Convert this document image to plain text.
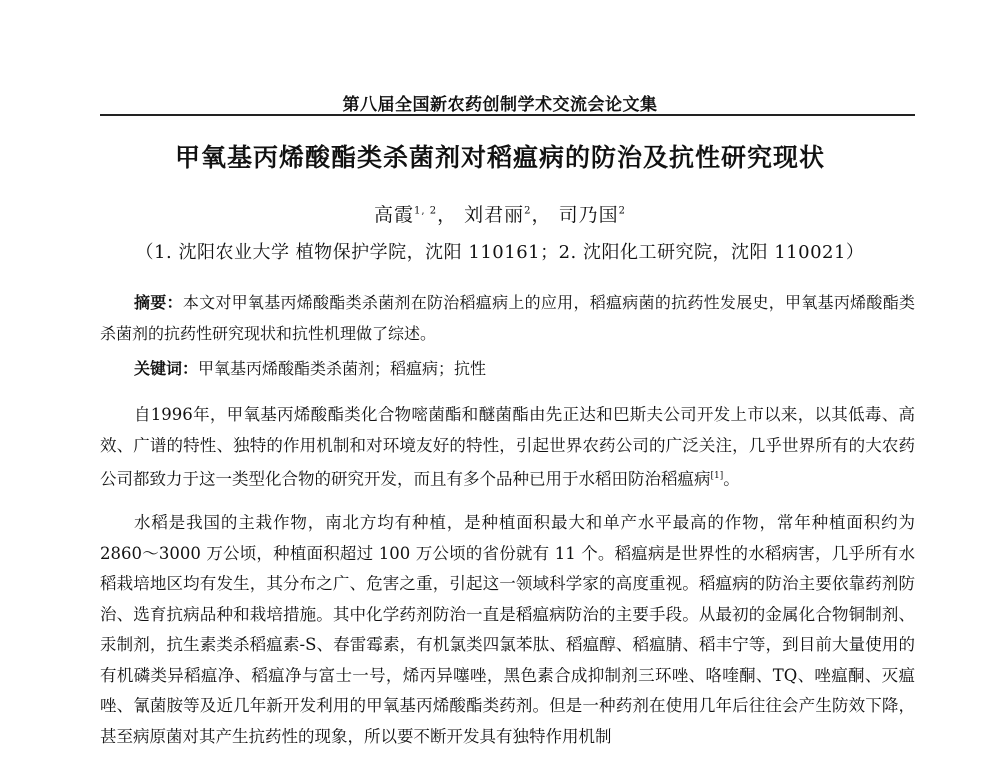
第八届全国新农药创制学术交流会论文集
甲氧基丙烯酸酯类杀菌剂对稻瘟病的防治及抗性研究现状
高霞$^{1, 2}$， 刘君丽$^2$， 司乃国$^2$
（1. 沈阳农业大学 植物保护学院，沈阳 110161；2. 沈阳化工研究院，沈阳 110021）
摘要：本文对甲氧基丙烯酸酯类杀菌剂在防治稻瘟病上的应用，稻瘟病菌的抗药性发展史，甲氧基丙烯酸酯类杀菌剂的抗药性研究现状和抗性机理做了综述。
关键词：甲氧基丙烯酸酯类杀菌剂；稻瘟病；抗性
自1996年，甲氧基丙烯酸酯类化合物嘧菌酯和醚菌酯由先正达和巴斯夫公司开发上市以来，以其低毒、高效、广谱的特性、独特的作用机制和对环境友好的特性，引起世界农药公司的广泛关注，几乎世界所有的大农药公司都致力于这一类型化合物的研究开发，而且有多个品种已用于水稻田防治稻瘟病[1]。
水稻是我国的主栽作物，南北方均有种植，是种植面积最大和单产水平最高的作物，常年种植面积约为 2860～3000 万公顷，种植面积超过 100 万公顷的省份就有 11 个。稻瘟病是世界性的水稻病害，几乎所有水稻栽培地区均有发生，其分布之广、危害之重，引起这一领域科学家的高度重视。稻瘟病的防治主要依靠药剂防治、选育抗病品种和栽培措施。其中化学药剂防治一直是稻瘟病防治的主要手段。从最初的金属化合物铜制剂、汞制剂，抗生素类杀稻瘟素-S、春雷霉素，有机氯类四氯苯肽、稻瘟醇、稻瘟腈、稻丰宁等，到目前大量使用的有机磷类异稻瘟净、稻瘟净与富士一号，烯丙异噻唑，黑色素合成抑制剂三环唑、咯喹酮、TQ、唑瘟酮、灭瘟唑、氰菌胺等及近几年新开发利用的甲氧基丙烯酸酯类药剂。但是一种药剂在使用几年后往往会产生防效下降，甚至病原菌对其产生抗药性的现象，所以要不断开发具有独特作用机制
